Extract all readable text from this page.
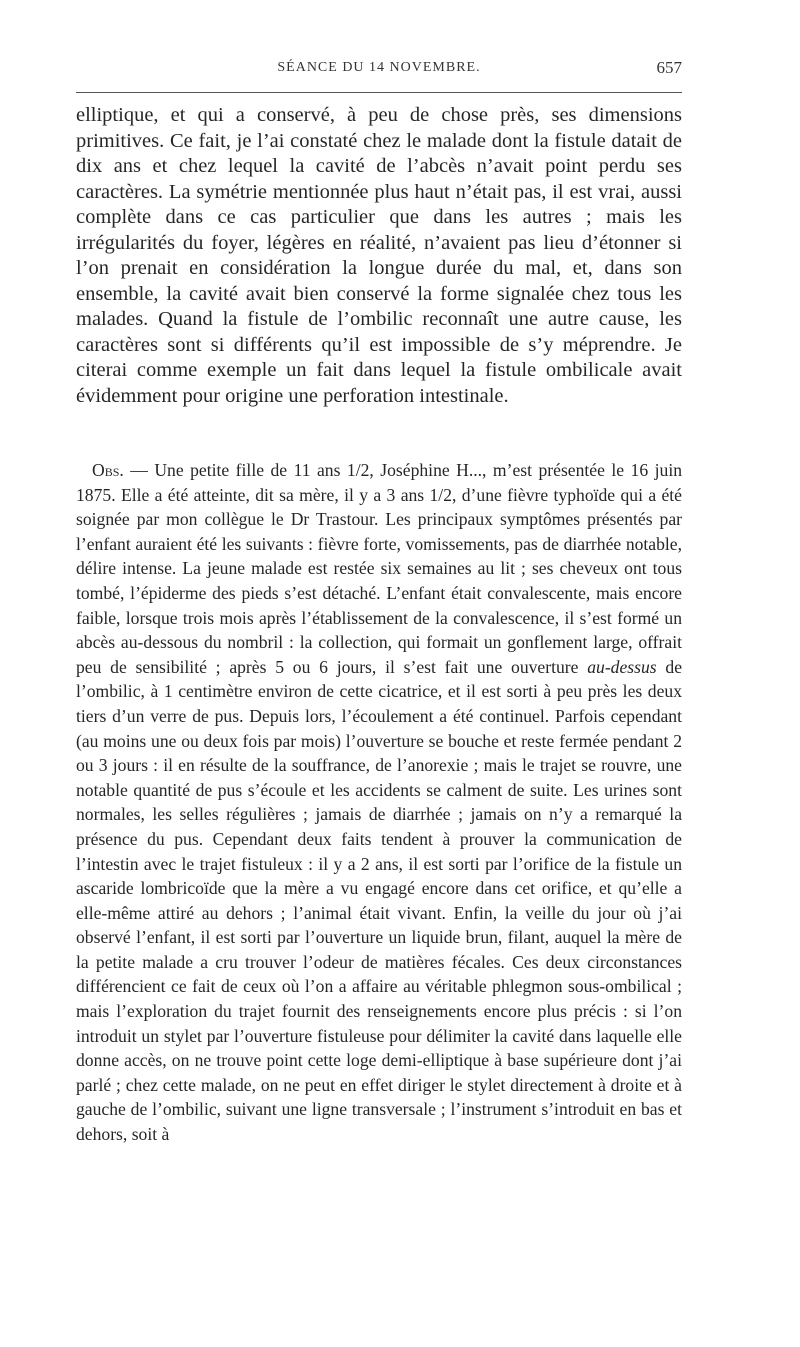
SÉANCE DU 14 NOVEMBRE.	657

elliptique, et qui a conservé, à peu de chose près, ses dimensions primitives. Ce fait, je l’ai constaté chez le malade dont la fistule datait de dix ans et chez lequel la cavité de l’abcès n’avait point perdu ses caractères. La symétrie mentionnée plus haut n’était pas, il est vrai, aussi complète dans ce cas particulier que dans les autres ; mais les irrégularités du foyer, légères en réalité, n’avaient pas lieu d’étonner si l’on prenait en considération la longue durée du mal, et, dans son ensemble, la cavité avait bien conservé la forme signalée chez tous les malades. Quand la fistule de l’ombilic reconnaît une autre cause, les caractères sont si différents qu’il est impossible de s’y méprendre. Je citerai comme exemple un fait dans lequel la fistule ombilicale avait évidemment pour origine une perforation intestinale.

Obs. — Une petite fille de 11 ans 1/2, Joséphine H..., m’est présentée le 16 juin 1875. Elle a été atteinte, dit sa mère, il y a 3 ans 1/2, d’une fièvre typhoïde qui a été soignée par mon collègue le Dr Trastour. Les principaux symptômes présentés par l’enfant auraient été les suivants : fièvre forte, vomissements, pas de diarrhée notable, délire intense. La jeune malade est restée six semaines au lit ; ses cheveux ont tous tombé, l’épiderme des pieds s’est détaché. L’enfant était convalescente, mais encore faible, lorsque trois mois après l’établissement de la convalescence, il s’est formé un abcès au-dessous du nombril : la collection, qui formait un gonflement large, offrait peu de sensibilité ; après 5 ou 6 jours, il s’est fait une ouverture au-dessus de l’ombilic, à 1 centimètre environ de cette cicatrice, et il est sorti à peu près les deux tiers d’un verre de pus. Depuis lors, l’écoulement a été continuel. Parfois cependant (au moins une ou deux fois par mois) l’ouverture se bouche et reste fermée pendant 2 ou 3 jours : il en résulte de la souffrance, de l’anorexie ; mais le trajet se rouvre, une notable quantité de pus s’écoule et les accidents se calment de suite. Les urines sont normales, les selles régulières ; jamais de diarrhée ; jamais on n’y a remarqué la présence du pus. Cependant deux faits tendent à prouver la communication de l’intestin avec le trajet fistuleux : il y a 2 ans, il est sorti par l’orifice de la fistule un ascaride lombricoïde que la mère a vu engagé encore dans cet orifice, et qu’elle a elle-même attiré au dehors ; l’animal était vivant. Enfin, la veille du jour où j’ai observé l’enfant, il est sorti par l’ouverture un liquide brun, filant, auquel la mère de la petite malade a cru trouver l’odeur de matières fécales. Ces deux circonstances différencient ce fait de ceux où l’on a affaire au véritable phlegmon sous-ombilical ; mais l’exploration du trajet fournit des renseignements encore plus précis : si l’on introduit un stylet par l’ouverture fistuleuse pour délimiter la cavité dans laquelle elle donne accès, on ne trouve point cette loge demi-elliptique à base supérieure dont j’ai parlé ; chez cette malade, on ne peut en effet diriger le stylet directement à droite et à gauche de l’ombilic, suivant une ligne transversale ; l’instrument s’introduit en bas et dehors, soit à
